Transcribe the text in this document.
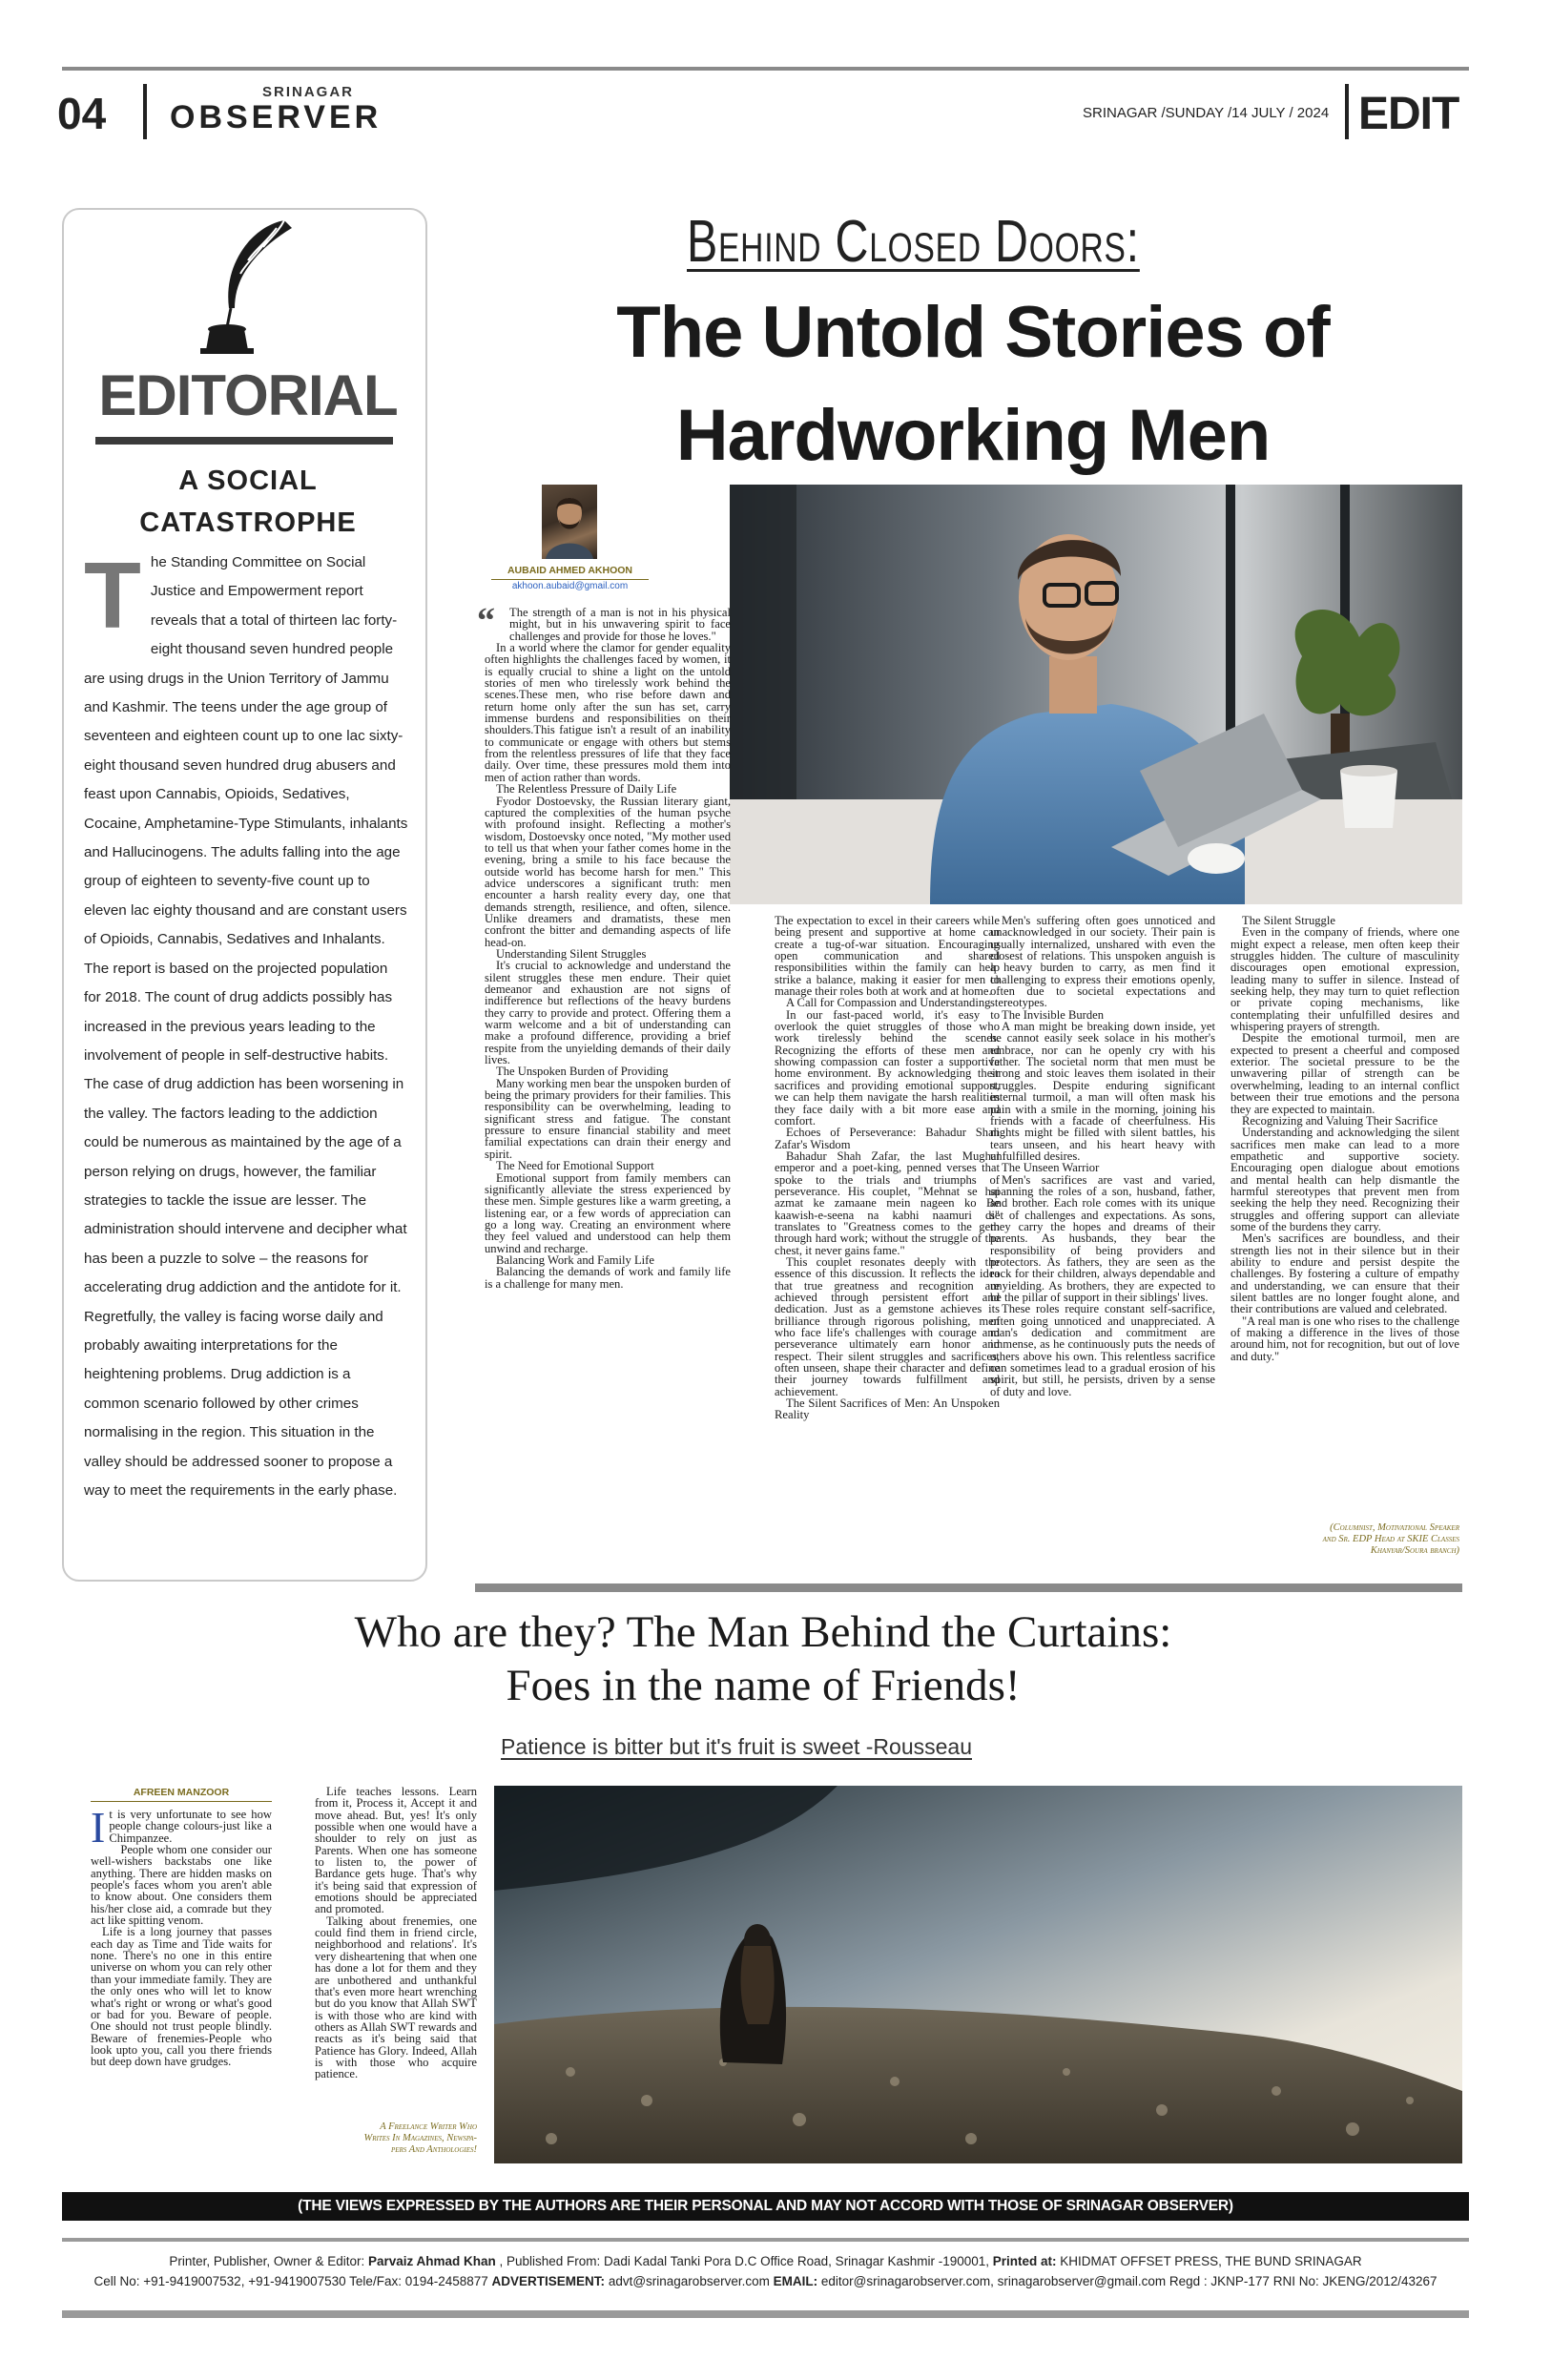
04	SRINAGAR
OBSERVER	SRINAGAR /SUNDAY /14 JULY / 2024 EDIT
EDITORIAL
A SOCIAL
CATASTROPHE
T he Standing Committee on Social Justice and Empowerment report reveals that a total of thirteen lac forty-eight thousand seven hundred people are using drugs in the Union Territory of Jammu and Kashmir. The teens under the age group of seventeen and eighteen count up to one lac sixty-eight thousand seven hundred drug abusers and feast upon Cannabis, Opioids, Sedatives, Cocaine, Amphetamine-Type Stimulants, inhalants and Hallucinogens. The adults falling into the age group of eighteen to seventy-five count up to eleven lac eighty thousand and are constant users of Opioids, Cannabis, Sedatives and Inhalants. The report is based on the projected population for 2018. The count of drug addicts possibly has increased in the previous years leading to the involvement of people in self-destructive habits. The case of drug addiction has been worsening in the valley. The factors leading to the addiction could be numerous as maintained by the age of a person relying on drugs, however, the familiar strategies to tackle the issue are lesser. The administration should intervene and decipher what has been a puzzle to solve – the reasons for accelerating drug addiction and the antidote for it. Regretfully, the valley is facing worse daily and probably awaiting interpretations for the heightening problems. Drug addiction is a common scenario followed by other crimes normalising in the region. This situation in the valley should be addressed sooner to propose a way to meet the requirements in the early phase.
Behind Closed Doors:
The Untold Stories of
Hardworking Men
AUBAID AHMED AKHOON
akhoon.aubaid@gmail.com
“ The strength of a man is not in his physical might, but in his unwavering spirit to face challenges and provide for those he loves."

In a world where the clamor for gender equality often highlights the challenges faced by women, it is equally crucial to shine a light on the untold stories of men who tirelessly work behind the scenes.These men, who rise before dawn and return home only after the sun has set, carry immense burdens and responsibilities on their shoulders.This fatigue isn't a result of an inability to communicate or engage with others but stems from the relentless pressures of life that they face daily. Over time, these pressures mold them into men of action rather than words.

The Relentless Pressure of Daily Life

Fyodor Dostoevsky, the Russian literary giant, captured the complexities of the human psyche with profound insight. Reflecting a mother's wisdom, Dostoevsky once noted, "My mother used to tell us that when your father comes home in the evening, bring a smile to his face because the outside world has become harsh for men." This advice underscores a significant truth: men encounter a harsh reality every day, one that demands strength, resilience, and often, silence. Unlike dreamers and dramatists, these men confront the bitter and demanding aspects of life head-on.

Understanding Silent Struggles

It's crucial to acknowledge and understand the silent struggles these men endure. Their quiet demeanor and exhaustion are not signs of indifference but reflections of the heavy burdens they carry to provide and protect. Offering them a warm welcome and a bit of understanding can make a profound difference, providing a brief respite from the unyielding demands of their daily lives.

The Unspoken Burden of Providing

Many working men bear the unspoken burden of being the primary providers for their families. This responsibility can be overwhelming, leading to significant stress and fatigue. The constant pressure to ensure financial stability and meet familial expectations can drain their energy and spirit.

The Need for Emotional Support

Emotional support from family members can significantly alleviate the stress experienced by these men. Simple gestures like a warm greeting, a listening ear, or a few words of appreciation can go a long way. Creating an environment where they feel valued and understood can help them unwind and recharge.

Balancing Work and Family Life

Balancing the demands of work and family life is a challenge for many men.

The expectation to excel in their careers while being present and supportive at home can create a tug-of-war situation. Encouraging open communication and shared responsibilities within the family can help strike a balance, making it easier for men to manage their roles both at work and at home.

A Call for Compassion and Understanding

In our fast-paced world, it's easy to overlook the quiet struggles of those who work tirelessly behind the scenes. Recognizing the efforts of these men and showing compassion can foster a supportive home environment. By acknowledging their sacrifices and providing emotional support, we can help them navigate the harsh realities they face daily with a bit more ease and comfort.

Echoes of Perseverance: Bahadur Shah Zafar's Wisdom

Bahadur Shah Zafar, the last Mughal emperor and a poet-king, penned verses that spoke to the trials and triumphs of perseverance. His couplet, "Mehnat se hai azmat ke zamaane mein nageen ko Be kaawish-e-seena na kabhi naamuri di" translates to "Greatness comes to the gem through hard work; without the struggle of the chest, it never gains fame."

This couplet resonates deeply with the essence of this discussion. It reflects the idea that true greatness and recognition are achieved through persistent effort and dedication. Just as a gemstone achieves its brilliance through rigorous polishing, men who face life's challenges with courage and perseverance ultimately earn honor and respect. Their silent struggles and sacrifices, often unseen, shape their character and define their journey towards fulfillment and achievement.

The Silent Sacrifices of Men: An Unspoken Reality

Men's suffering often goes unnoticed and unacknowledged in our society. Their pain is usually internalized, unshared with even the closest of relations. This unspoken anguish is a heavy burden to carry, as men find it challenging to express their emotions openly, often due to societal expectations and stereotypes.

The Invisible Burden

A man might be breaking down inside, yet he cannot easily seek solace in his mother's embrace, nor can he openly cry with his father. The societal norm that men must be strong and stoic leaves them isolated in their struggles. Despite enduring significant internal turmoil, a man will often mask his pain with a smile in the morning, joining his friends with a facade of cheerfulness. His nights might be filled with silent battles, his tears unseen, and his heart heavy with unfulfilled desires.

The Unseen Warrior

Men's sacrifices are vast and varied, spanning the roles of a son, husband, father, and brother. Each role comes with its unique set of challenges and expectations. As sons, they carry the hopes and dreams of their parents. As husbands, they bear the responsibility of being providers and protectors. As fathers, they are seen as the rock for their children, always dependable and unyielding. As brothers, they are expected to be the pillar of support in their siblings' lives.

These roles require constant self-sacrifice, often going unnoticed and unappreciated. A man's dedication and commitment are immense, as he continuously puts the needs of others above his own. This relentless sacrifice can sometimes lead to a gradual erosion of his spirit, but still, he persists, driven by a sense of duty and love.

The Silent Struggle

Even in the company of friends, where one might expect a release, men often keep their struggles hidden. The culture of masculinity discourages open emotional expression, leading many to suffer in silence. Instead of seeking help, they may turn to quiet reflection or private coping mechanisms, like contemplating their unfulfilled desires and whispering prayers of strength.

Despite the emotional turmoil, men are expected to present a cheerful and composed exterior. The societal pressure to be the unwavering pillar of strength can be overwhelming, leading to an internal conflict between their true emotions and the persona they are expected to maintain.

Recognizing and Valuing Their Sacrifice

Understanding and acknowledging the silent sacrifices men make can lead to a more empathetic and supportive society. Encouraging open dialogue about emotions and mental health can help dismantle the harmful stereotypes that prevent men from seeking the help they need. Recognizing their struggles and offering support can alleviate some of the burdens they carry.

Men's sacrifices are boundless, and their strength lies not in their silence but in their ability to endure and persist despite the challenges. By fostering a culture of empathy and understanding, we can ensure that their silent battles are no longer fought alone, and their contributions are valued and celebrated.

"A real man is one who rises to the challenge of making a difference in the lives of those around him, not for recognition, but out of love and duty."

(Columnist, Motivational Speaker
and Sr. EDP Head at SKIE Classes
Khanyar/Soura branch)
Who are they? The Man Behind the Curtains:
Foes in the name of Friends!
Patience is bitter but it's fruit is sweet -Rousseau
AFREEN MANZOOR

It is very unfortunate to see how people change colours-just like a Chimpanzee.

People whom one consider our well-wishers backstabs one like anything. There are hidden masks on people's faces whom you aren't able to know about. One considers them his/her close aid, a comrade but they act like spitting venom.

Life is a long journey that passes each day as Time and Tide waits for none. There's no one in this entire universe on whom you can rely other than your immediate family. They are the only ones who will let to know what's right or wrong or what's good or bad for you. Beware of people. One should not trust people blindly. Beware of frenemies-People who look upto you, call you there friends but deep down have grudges.

Life teaches lessons. Learn from it, Process it, Accept it and move ahead. But, yes! It's only possible when one would have a shoulder to rely on just as Parents. When one has someone to listen to, the power of Bardance gets huge. That's why it's being said that expression of emotions should be appreciated and promoted.

Talking about frenemies, one could find them in friend circle, neighborhood and relations'. It's very disheartening that when one has done a lot for them and they are unbothered and unthankful that's even more heart wrenching but do you know that Allah SWT is with those who are kind with others as Allah SWT rewards and reacts as it's being said that Patience has Glory. Indeed, Allah is with those who acquire patience.

A Freelance Writer Who
Writes In Magazines, Newspa-
pers And Anthologies!
(THE VIEWS EXPRESSED BY THE AUTHORS ARE THEIR PERSONAL AND MAY NOT ACCORD WITH THOSE OF SRINAGAR OBSERVER)
Printer, Publisher, Owner & Editor: Parvaiz Ahmad Khan , Published From: Dadi Kadal Tanki Pora D.C Office Road, Srinagar Kashmir -190001, Printed at: KHIDMAT OFFSET PRESS, THE BUND SRINAGAR
Cell No: +91-9419007532, +91-9419007530 Tele/Fax: 0194-2458877 ADVERTISEMENT: advt@srinagarobserver.com EMAIL: editor@srinagarobserver.com, srinagarobserver@gmail.com Regd : JKNP-177 RNI No: JKENG/2012/43267
